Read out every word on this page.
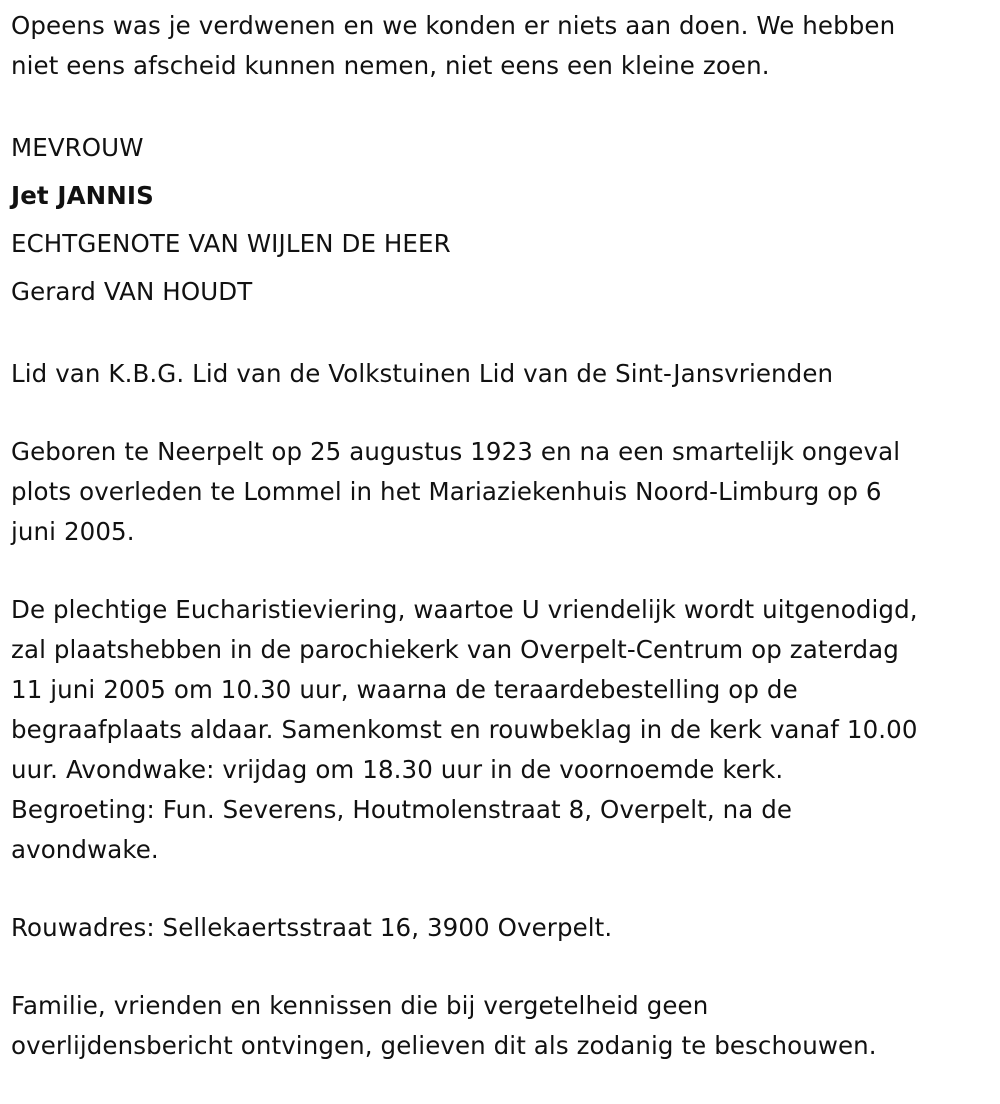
Opeens was je verdwenen en we konden er niets aan doen. We hebben
niet eens afscheid kunnen nemen, niet eens een kleine zoen.
MEVROUW
Jet JANNIS
ECHTGENOTE VAN WIJLEN DE HEER
Gerard VAN HOUDT
Lid van K.B.G. Lid van de Volkstuinen Lid van de Sint-Jansvrienden
Geboren te Neerpelt op 25 augustus 1923 en na een smartelijk ongeval
plots overleden te Lommel in het Mariaziekenhuis Noord-Limburg op 6
juni 2005.
De plechtige Eucharistieviering, waartoe U vriendelijk wordt uitgenodigd,
zal plaatshebben in de parochiekerk van Overpelt-Centrum op zaterdag
11 juni 2005 om 10.30 uur, waarna de teraardebestelling op de
begraafplaats aldaar. Samenkomst en rouwbeklag in de kerk vanaf 10.00
uur. Avondwake: vrijdag om 18.30 uur in de voornoemde kerk.
Begroeting: Fun. Severens, Houtmolenstraat 8, Overpelt, na de
avondwake.
Rouwadres: Sellekaertsstraat 16, 3900 Overpelt.
Familie, vrienden en kennissen die bij vergetelheid geen
overlijdensbericht ontvingen, gelieven dit als zodanig te beschouwen.
